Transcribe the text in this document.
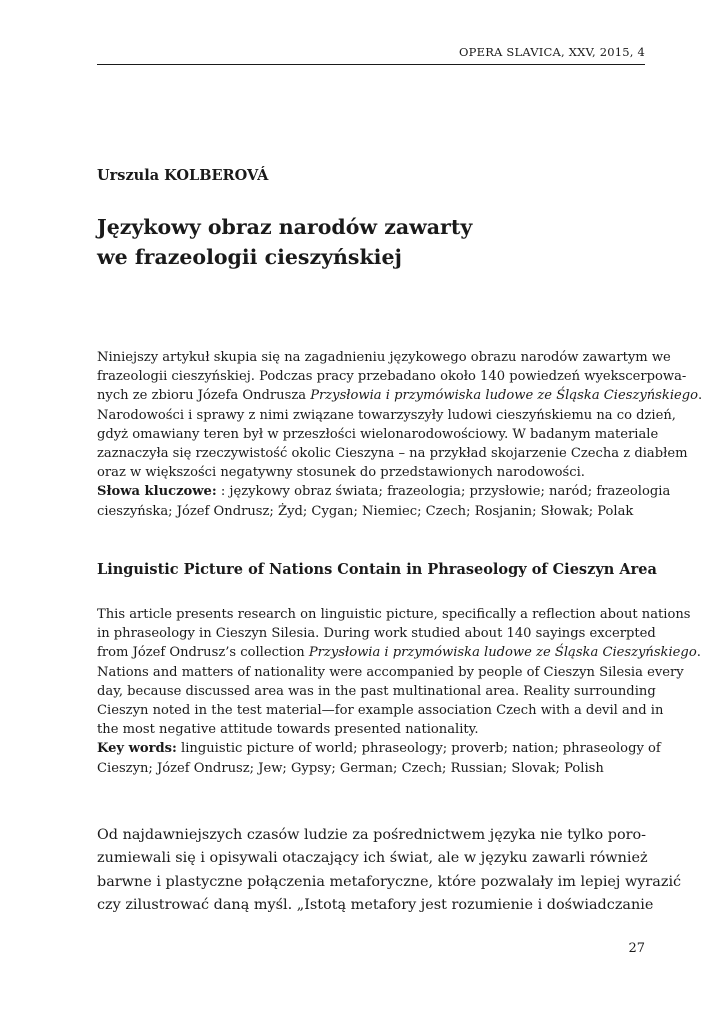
OPERA SLAVICA, XXV, 2015, 4
Urszula KOLBEROVÁ
Językowy obraz narodów zawarty
we frazeologii cieszyńskiej
Niniejszy artykuł skupia się na zagadnieniu językowego obrazu narodów zawartym we
frazeologii cieszyńskiej. Podczas pracy przebadano około 140 powiedzeń wyekscerpowa-
nych ze zbioru Józefa Ondrusza Przysłowia i przymówiska ludowe ze Śląska Cieszyńskiego.
Narodowości i sprawy z nimi związane towarzyszyły ludowi cieszyńskiemu na co dzień,
gdyż omawiany teren był w przeszłości wielonarodowościowy. W badanym materiale
zaznaczyła się rzeczywistość okolic Cieszyna – na przykład skojarzenie Czecha z diabłem
oraz w większości negatywny stosunek do przedstawionych narodowości.
Słowa kluczowe: : językowy obraz świata; frazeologia; przysłowie; naród; frazeologia
cieszyńska; Józef Ondrusz; Żyd; Cygan; Niemiec; Czech; Rosjanin; Słowak; Polak
Linguistic Picture of Nations Contain in Phraseology of Cieszyn Area
This article presents research on linguistic picture, specifically a reflection about nations
in phraseology in Cieszyn Silesia. During work studied about 140 sayings excerpted
from Józef Ondrusz’s collection Przysłowia i przymówiska ludowe ze Śląska Cieszyńskiego.
Nations and matters of nationality were accompanied by people of Cieszyn Silesia every
day, because discussed area was in the past multinational area. Reality surrounding
Cieszyn noted in the test material—for example association Czech with a devil and in
the most negative attitude towards presented nationality.
Key words: linguistic picture of world; phraseology; proverb; nation; phraseology of
Cieszyn; Józef Ondrusz; Jew; Gypsy; German; Czech; Russian; Slovak; Polish
Od najdawniejszych czasów ludzie za pośrednictwem języka nie tylko poro-
zumiewali się i opisywali otaczający ich świat, ale w języku zawarli również
barwne i plastyczne połączenia metaforyczne, które pozwalały im lepiej wyrazić
czy zilustrować daną myśl. „Istotą metafory jest rozumienie i doświadczanie
27
